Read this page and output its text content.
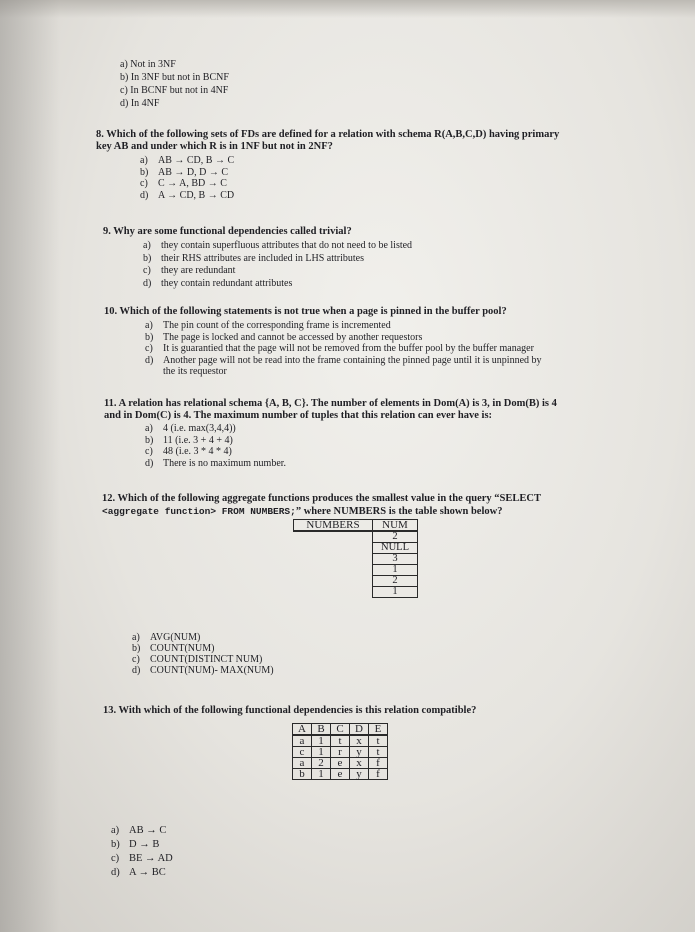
a) Not in 3NF
b) In 3NF but not in BCNF
c) In BCNF but not in 4NF
d) In 4NF
8. Which of the following sets of FDs are defined for a relation with schema R(A,B,C,D) having primary
key AB and under which R is in 1NF but not in 2NF?
a) AB → CD, B → C
b) AB → D, D → C
c) C → A, BD → C
d) A → CD, B → CD
9. Why are some functional dependencies called trivial?
a) they contain superfluous attributes that do not need to be listed
b) their RHS attributes are included in LHS attributes
c) they are redundant
d) they contain redundant attributes
10. Which of the following statements is not true when a page is pinned in the buffer pool?
a) The pin count of the corresponding frame is incremented
b) The page is locked and cannot be accessed by another requestors
c) It is guarantied that the page will not be removed from the buffer pool by the buffer manager
d) Another page will not be read into the frame containing the pinned page until it is unpinned by
the its requestor
11. A relation has relational schema {A, B, C}. The number of elements in Dom(A) is 3, in Dom(B) is 4
and in Dom(C) is 4. The maximum number of tuples that this relation can ever have is:
a) 4 (i.e. max(3,4,4))
b) 11 (i.e. 3 + 4 + 4)
c) 48 (i.e. 3 * 4 * 4)
d) There is no maximum number.
12. Which of the following aggregate functions produces the smallest value in the query “SELECT
<aggregate function> FROM NUMBERS;” where NUMBERS is the table shown below?
NUMBERS	NUM
	2
	NULL
	3
	1
	2
	1
a) AVG(NUM)
b) COUNT(NUM)
c) COUNT(DISTINCT NUM)
d) COUNT(NUM)- MAX(NUM)
13. With which of the following functional dependencies is this relation compatible?
A	B	C	D	E
a	1	t	x	t
c	1	r	y	t
a	2	e	x	f
b	1	e	y	f
a) AB → C
b) D → B
c) BE → AD
d) A → BC
